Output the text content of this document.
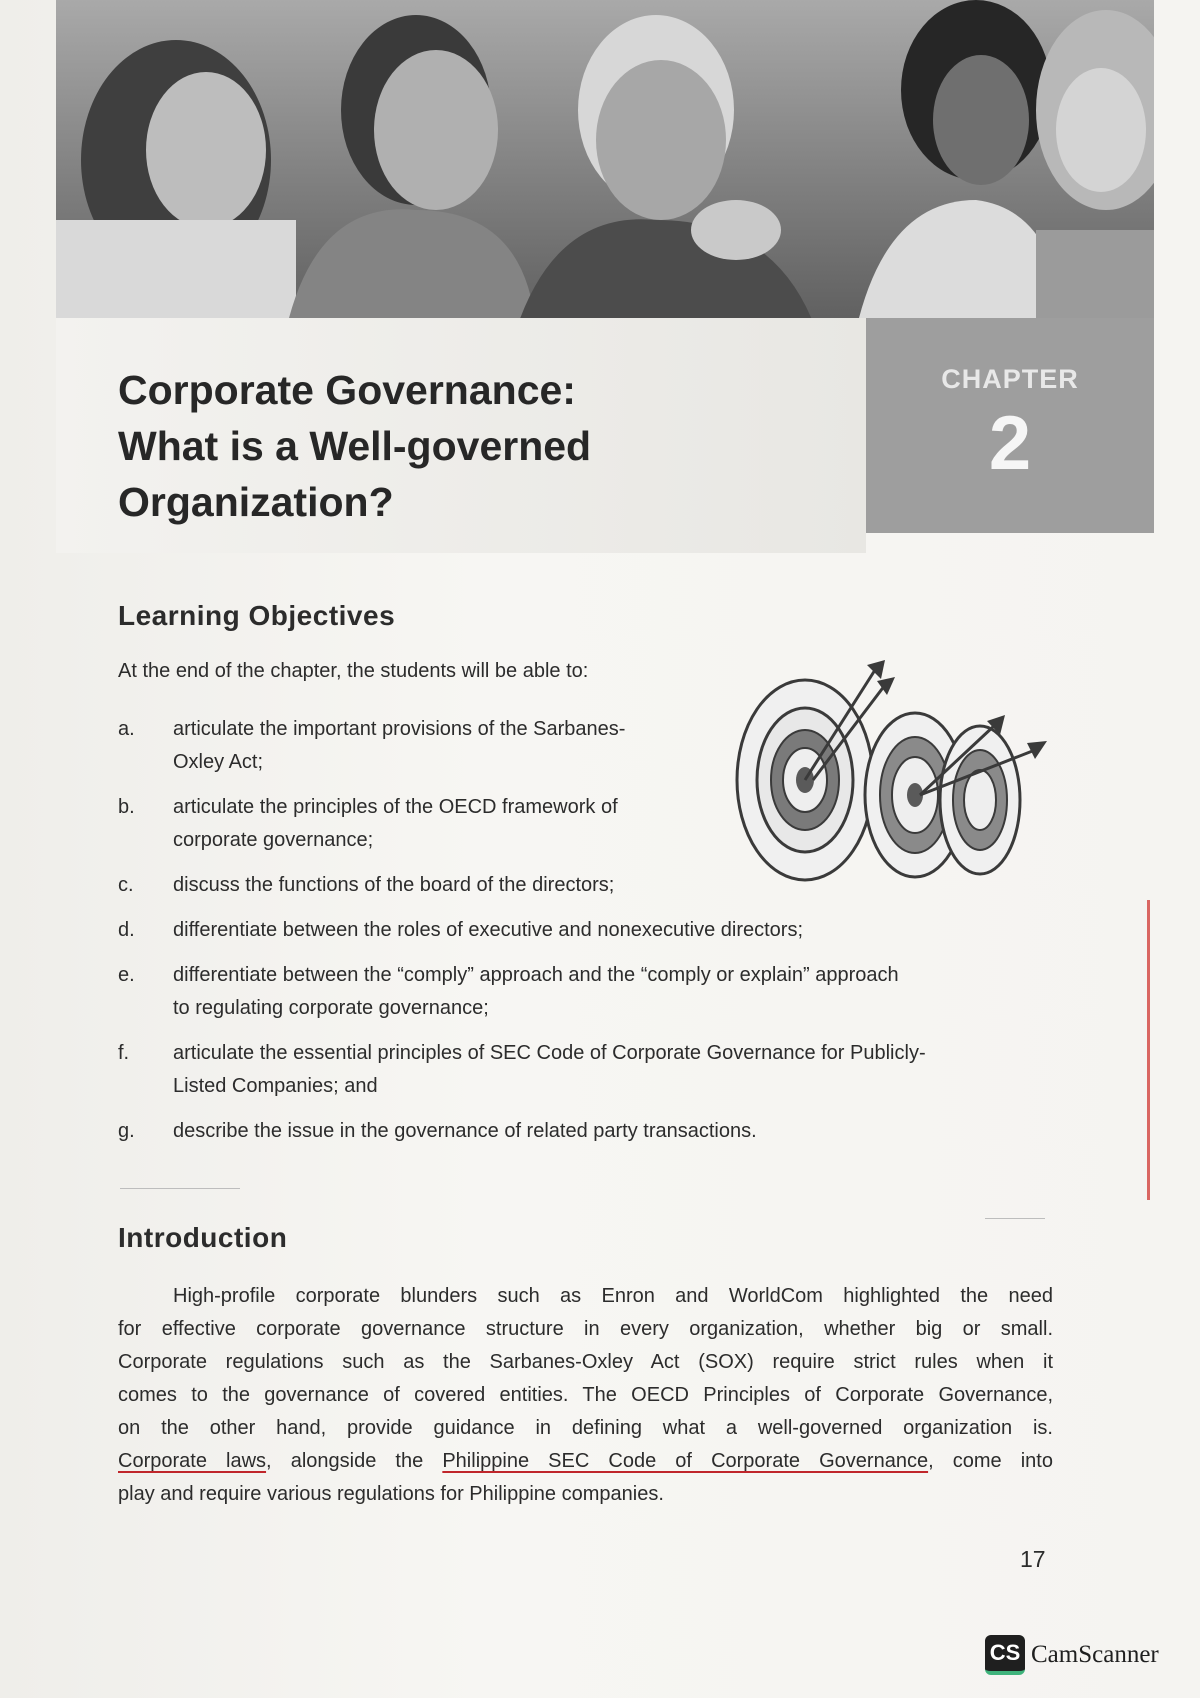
Corporate Governance:
What is a Well-governed
Organization?
CHAPTER
2
Learning Objectives
At the end of the chapter, the students will be able to:
a.	articulate the important provisions of the Sarbanes-
Oxley Act;
b.	articulate the principles of the OECD framework of
corporate governance;
c.	discuss the functions of the board of the directors;
d.	differentiate between the roles of executive and nonexecutive directors;
e.	differentiate between the “comply” approach and the “comply or explain” approach
to regulating corporate governance;
f.	articulate the essential principles of SEC Code of Corporate Governance for Publicly-
Listed Companies; and
g.	describe the issue in the governance of related party transactions.
Introduction
High-profile corporate blunders such as Enron and WorldCom highlighted the need
for effective corporate governance structure in every organization, whether big or small.
Corporate regulations such as the Sarbanes-Oxley Act (SOX) require strict rules when it
comes to the governance of covered entities. The OECD Principles of Corporate Governance,
on the other hand, provide guidance in defining what a well-governed organization is.
Corporate laws, alongside the Philippine SEC Code of Corporate Governance, come into
play and require various regulations for Philippine companies.
17
CS CamScanner
